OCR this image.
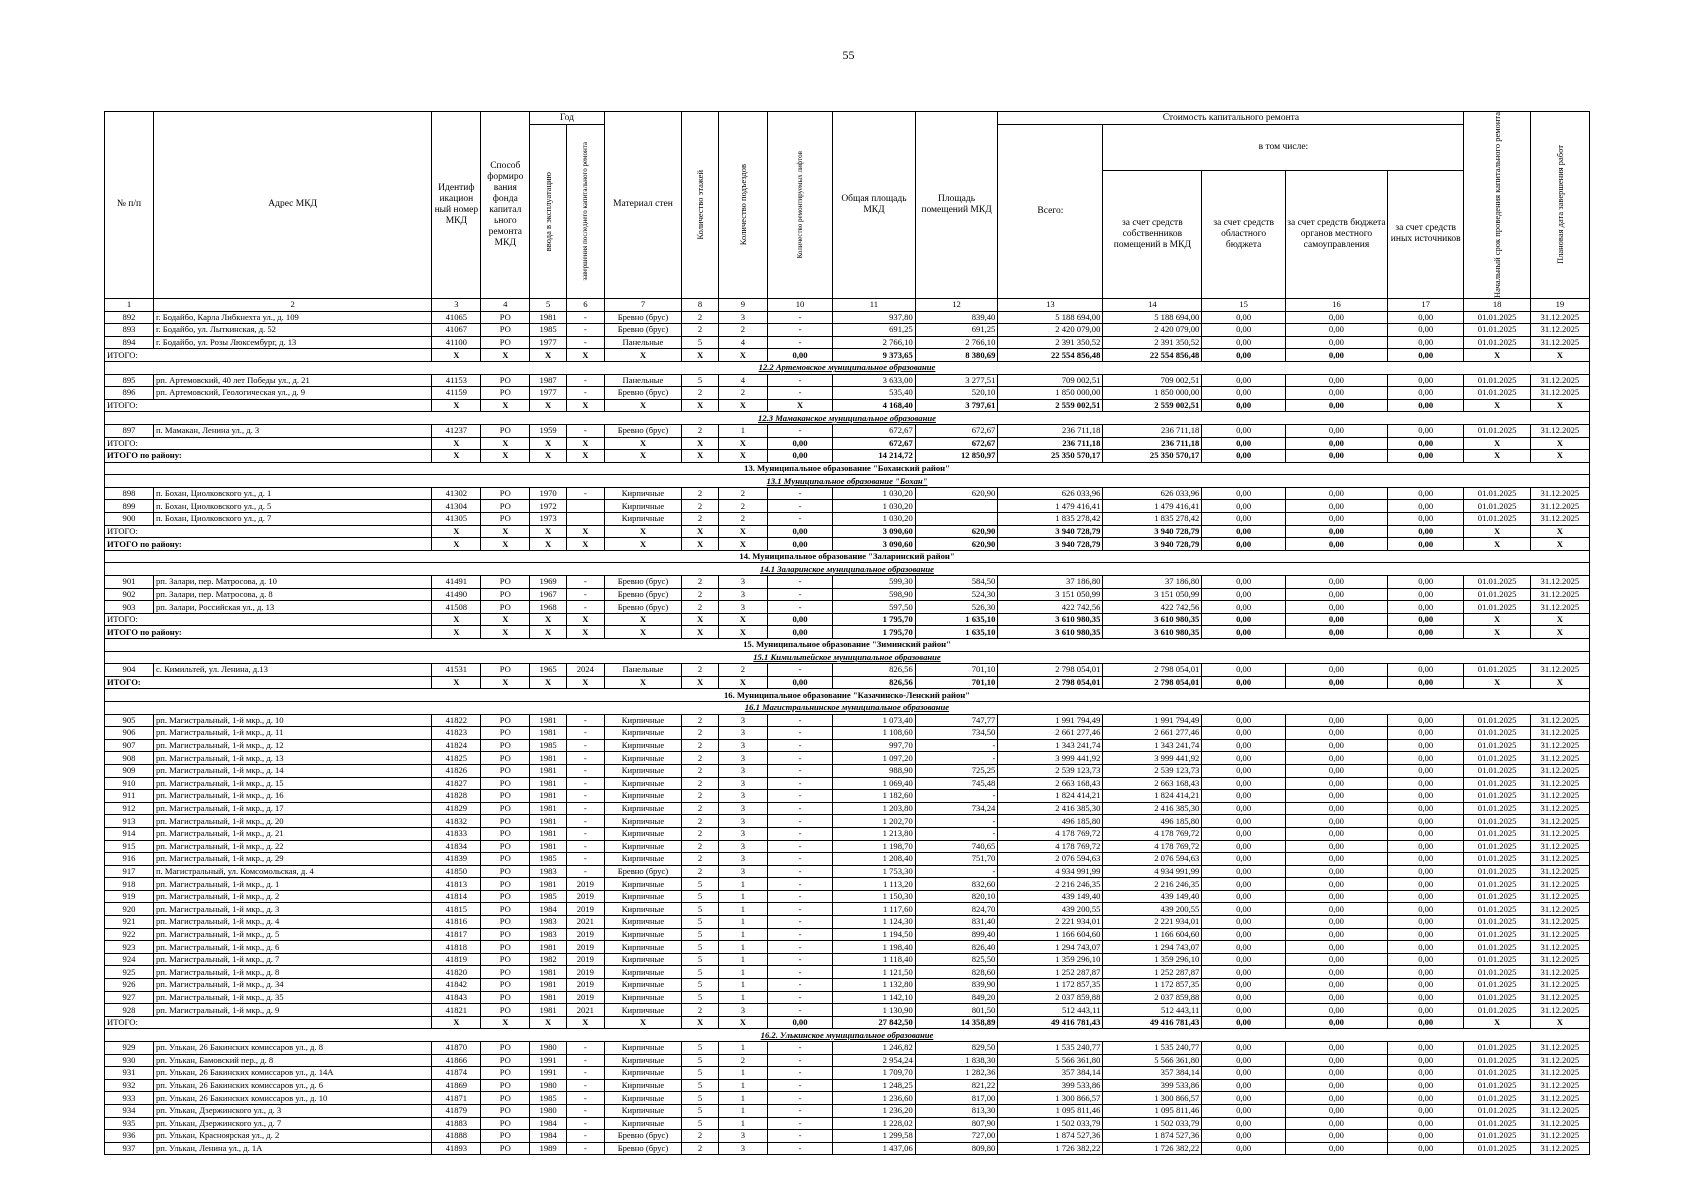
55
№ п/п	Адрес МКД	Идентиф икацион ный номер МКД	Способ формиро вания фонда капитал ьного ремонта МКД	Год		Материал стен	Количество этажей	Количество подъездов	Количество ремонтируемых лифтов	Общая площадь МКД	Площадь помещений МКД	Стоимость капитального ремонта					Начальный срок проведения капитального ремонта	Плановая дата завершения работ

				ввода в эксплуатацию	завершения последнего капитального ремонта							Всего:	в том числе:					
													за счет средств собственников помещений в МКД	за счет средств областного бюджета	за счет средств бюджета органов местного самоуправления	за счет средств иных источников		
1	2	3	4	5	6	7	8	9	10	11	12	13	14	15	16	17	18	19
892	г. Бодайбо, Карла Либкнехта ул., д. 109	41065	РО	1981	-	Бревно (брус)	2	3	-	937,80	839,40	5 188 694,00	5 188 694,00	0,00	0,00	0,00	01.01.2025	31.12.2025
893	г. Бодайбо, ул. Лыткинская, д. 52	41067	РО	1985	-	Бревно (брус)	2	2	-	691,25	691,25	2 420 079,00	2 420 079,00	0,00	0,00	0,00	01.01.2025	31.12.2025
894	г. Бодайбо, ул. Розы Люксембург, д. 13	41100	РО	1977	-	Панельные	5	4	-	2 766,10	2 766,10	2 391 350,52	2 391 350,52	0,00	0,00	0,00	01.01.2025	31.12.2025
ИТОГО:		X	X	X	X	X	X	X	0,00	9 373,65	8 380,69	22 554 856,48	22 554 856,48	0,00	0,00	0,00	X	X
12.2 Артемовское муниципальное образование																		
895	рп. Артемовский, 40 лет Победы ул., д. 21	41153	РО	1987	-	Панельные	5	4	-	3 633,00	3 277,51	709 002,51	709 002,51	0,00	0,00	0,00	01.01.2025	31.12.2025
896	рп. Артемовский, Геологическая ул., д. 9	41159	РО	1977	-	Бревно (брус)	2	2	-	535,40	520,10	1 850 000,00	1 850 000,00	0,00	0,00	0,00	01.01.2025	31.12.2025
ИТОГО:		X	X	X	X	X	X	X	X	4 168,40	3 797,61	2 559 002,51	2 559 002,51	0,00	0,00	0,00	X	X
12.3 Мамаканское муниципальное образование																		
897	п. Мамакан, Ленина ул., д. 3	41237	РО	1959	-	Бревно (брус)	2	1	-	672,67	672,67	236 711,18	236 711,18	0,00	0,00	0,00	01.01.2025	31.12.2025
ИТОГО:		X	X	X	X	X	X	X	0,00	672,67	672,67	236 711,18	236 711,18	0,00	0,00	0,00	X	X
ИТОГО по району:		X	X	X	X	X	X	X	0,00	14 214,72	12 850,97	25 350 570,17	25 350 570,17	0,00	0,00	0,00	X	X
13. Муниципальное образование "Боханский район"																		
13.1 Муниципальное образование "Бохан"																		
898	п. Бохан, Циолковского ул., д. 1	41302	РО	1970	-	Кирпичные	2	2	-	1 030,20	620,90	626 033,96	626 033,96	0,00	0,00	0,00	01.01.2025	31.12.2025
899	п. Бохан, Циолковского ул., д. 5	41304	РО	1972		Кирпичные	2	2	-	1 030,20		1 479 416,41	1 479 416,41	0,00	0,00	0,00	01.01.2025	31.12.2025
900	п. Бохан, Циолковского ул., д. 7	41305	РО	1973		Кирпичные	2	2	-	1 030,20		1 835 278,42	1 835 278,42	0,00	0,00	0,00	01.01.2025	31.12.2025
ИТОГО:		X	X	X	X	X	X	X	0,00	3 090,60	620,90	3 940 728,79	3 940 728,79	0,00	0,00	0,00	X	X
ИТОГО по району:		X	X	X	X	X	X	X	0,00	3 090,60	620,90	3 940 728,79	3 940 728,79	0,00	0,00	0,00	X	X
14. Муниципальное образование "Заларинский район"																		
14.1 Заларинское муниципальное образование																		
901	рп. Залари, пер. Матросова, д. 10	41491	РО	1969	-	Бревно (брус)	2	3	-	599,30	584,50	37 186,80	37 186,80	0,00	0,00	0,00	01.01.2025	31.12.2025
902	рп. Залари, пер. Матросова, д. 8	41490	РО	1967	-	Бревно (брус)	2	3	-	598,90	524,30	3 151 050,99	3 151 050,99	0,00	0,00	0,00	01.01.2025	31.12.2025
903	рп. Залари, Российская ул., д. 13	41508	РО	1968	-	Бревно (брус)	2	3	-	597,50	526,30	422 742,56	422 742,56	0,00	0,00	0,00	01.01.2025	31.12.2025
ИТОГО:		X	X	X	X	X	X	X	0,00	1 795,70	1 635,10	3 610 980,35	3 610 980,35	0,00	0,00	0,00	X	X
ИТОГО по району:		X	X	X	X	X	X	X	0,00	1 795,70	1 635,10	3 610 980,35	3 610 980,35	0,00	0,00	0,00	X	X
15. Муниципальное образование "Зиминский район"																		
15.1 Кимильтейское муниципальное образование																		
904	с. Кимильтей, ул. Ленина, д.13	41531	РО	1965	2024	Панельные	2	2	-	826,56	701,10	2 798 054,01	2 798 054,01	0,00	0,00	0,00	01.01.2025	31.12.2025
ИТОГО:		X	X	X	X	X	X	X	0,00	826,56	701,10	2 798 054,01	2 798 054,01	0,00	0,00	0,00	X	X
16. Муниципальное образование "Казачинско-Ленский район"																		
16.1 Магистральнинское муниципальное образование																		
905	рп. Магистральный, 1-й мкр., д. 10	41822	РО	1981	-	Кирпичные	2	3	-	1 073,40	747,77	1 991 794,49	1 991 794,49	0,00	0,00	0,00	01.01.2025	31.12.2025
906	рп. Магистральный, 1-й мкр., д. 11	41823	РО	1981	-	Кирпичные	2	3	-	1 108,60	734,50	2 661 277,46	2 661 277,46	0,00	0,00	0,00	01.01.2025	31.12.2025
907	рп. Магистральный, 1-й мкр., д. 12	41824	РО	1985	-	Кирпичные	2	3	-	997,70	-	1 343 241,74	1 343 241,74	0,00	0,00	0,00	01.01.2025	31.12.2025
908	рп. Магистральный, 1-й мкр., д. 13	41825	РО	1981	-	Кирпичные	2	3	-	1 097,20	-	3 999 441,92	3 999 441,92	0,00	0,00	0,00	01.01.2025	31.12.2025
909	рп. Магистральный, 1-й мкр., д. 14	41826	РО	1981	-	Кирпичные	2	3	-	988,90	725,25	2 539 123,73	2 539 123,73	0,00	0,00	0,00	01.01.2025	31.12.2025
910	рп. Магистральный, 1-й мкр., д. 15	41827	РО	1981	-	Кирпичные	2	3	-	1 069,40	745,48	2 663 168,43	2 663 168,43	0,00	0,00	0,00	01.01.2025	31.12.2025
911	рп. Магистральный, 1-й мкр., д. 16	41828	РО	1981	-	Кирпичные	2	3	-	1 182,60	-	1 824 414,21	1 824 414,21	0,00	0,00	0,00	01.01.2025	31.12.2025
912	рп. Магистральный, 1-й мкр., д. 17	41829	РО	1981	-	Кирпичные	2	3	-	1 203,80	734,24	2 416 385,30	2 416 385,30	0,00	0,00	0,00	01.01.2025	31.12.2025
913	рп. Магистральный, 1-й мкр., д. 20	41832	РО	1981	-	Кирпичные	2	3	-	1 202,70	-	496 185,80	496 185,80	0,00	0,00	0,00	01.01.2025	31.12.2025
914	рп. Магистральный, 1-й мкр., д. 21	41833	РО	1981	-	Кирпичные	2	3	-	1 213,80	-	4 178 769,72	4 178 769,72	0,00	0,00	0,00	01.01.2025	31.12.2025
915	рп. Магистральный, 1-й мкр., д. 22	41834	РО	1981	-	Кирпичные	2	3	-	1 198,70	740,65	4 178 769,72	4 178 769,72	0,00	0,00	0,00	01.01.2025	31.12.2025
916	рп. Магистральный, 1-й мкр., д. 29	41839	РО	1985	-	Кирпичные	2	3	-	1 208,40	751,70	2 076 594,63	2 076 594,63	0,00	0,00	0,00	01.01.2025	31.12.2025
917	п. Магистральный, ул. Комсомольская, д. 4	41850	РО	1983	-	Бревно (брус)	2	3	-	1 753,30	-	4 934 991,99	4 934 991,99	0,00	0,00	0,00	01.01.2025	31.12.2025
918	рп. Магистральный, 1-й мкр., д. 1	41813	РО	1981	2019	Кирпичные	5	1	-	1 113,20	832,60	2 216 246,35	2 216 246,35	0,00	0,00	0,00	01.01.2025	31.12.2025
919	рп. Магистральный, 1-й мкр., д. 2	41814	РО	1985	2019	Кирпичные	5	1	-	1 150,30	820,10	439 149,40	439 149,40	0,00	0,00	0,00	01.01.2025	31.12.2025
920	рп. Магистральный, 1-й мкр., д. 3	41815	РО	1984	2019	Кирпичные	5	1	-	1 117,60	824,70	439 200,55	439 200,55	0,00	0,00	0,00	01.01.2025	31.12.2025
921	рп. Магистральный, 1-й мкр., д. 4	41816	РО	1983	2021	Кирпичные	5	1	-	1 124,30	831,40	2 221 934,01	2 221 934,01	0,00	0,00	0,00	01.01.2025	31.12.2025
922	рп. Магистральный, 1-й мкр., д. 5	41817	РО	1983	2019	Кирпичные	5	1	-	1 194,50	899,40	1 166 604,60	1 166 604,60	0,00	0,00	0,00	01.01.2025	31.12.2025
923	рп. Магистральный, 1-й мкр., д. 6	41818	РО	1981	2019	Кирпичные	5	1	-	1 198,40	826,40	1 294 743,07	1 294 743,07	0,00	0,00	0,00	01.01.2025	31.12.2025
924	рп. Магистральный, 1-й мкр., д. 7	41819	РО	1982	2019	Кирпичные	5	1	-	1 118,40	825,50	1 359 296,10	1 359 296,10	0,00	0,00	0,00	01.01.2025	31.12.2025
925	рп. Магистральный, 1-й мкр., д. 8	41820	РО	1981	2019	Кирпичные	5	1	-	1 121,50	828,60	1 252 287,87	1 252 287,87	0,00	0,00	0,00	01.01.2025	31.12.2025
926	рп. Магистральный, 1-й мкр., д. 34	41842	РО	1981	2019	Кирпичные	5	1	-	1 132,80	839,90	1 172 857,35	1 172 857,35	0,00	0,00	0,00	01.01.2025	31.12.2025
927	рп. Магистральный, 1-й мкр., д. 35	41843	РО	1981	2019	Кирпичные	5	1	-	1 142,10	849,20	2 037 859,88	2 037 859,88	0,00	0,00	0,00	01.01.2025	31.12.2025
928	рп. Магистральный, 1-й мкр., д. 9	41821	РО	1981	2021	Кирпичные	2	3	-	1 130,90	801,50	512 443,11	512 443,11	0,00	0,00	0,00	01.01.2025	31.12.2025
ИТОГО:		X	X	X	X	X	X	X	0,00	27 842,50	14 358,89	49 416 781,43	49 416 781,43	0,00	0,00	0,00	X	X
16.2. Улькинское муниципальное образование																		
929	рп. Улькан, 26 Бакинских комиссаров ул., д. 8	41870	РО	1980	-	Кирпичные	5	1	-	1 246,82	829,50	1 535 240,77	1 535 240,77	0,00	0,00	0,00	01.01.2025	31.12.2025
930	рп. Улькан, Бамовский пер., д. 8	41866	РО	1991	-	Кирпичные	5	2	-	2 954,24	1 838,30	5 566 361,80	5 566 361,80	0,00	0,00	0,00	01.01.2025	31.12.2025
931	рп. Улькан, 26 Бакинских комиссаров ул., д. 14А	41874	РО	1991	-	Кирпичные	5	1	-	1 709,70	1 282,36	357 384,14	357 384,14	0,00	0,00	0,00	01.01.2025	31.12.2025
932	рп. Улькан, 26 Бакинских комиссаров ул., д. 6	41869	РО	1980	-	Кирпичные	5	1	-	1 248,25	821,22	399 533,86	399 533,86	0,00	0,00	0,00	01.01.2025	31.12.2025
933	рп. Улькан, 26 Бакинских комиссаров ул., д. 10	41871	РО	1985	-	Кирпичные	5	1	-	1 236,60	817,00	1 300 866,57	1 300 866,57	0,00	0,00	0,00	01.01.2025	31.12.2025
934	рп. Улькан, Дзержинского ул., д. 3	41879	РО	1980	-	Кирпичные	5	1	-	1 236,20	813,30	1 095 811,46	1 095 811,46	0,00	0,00	0,00	01.01.2025	31.12.2025
935	рп. Улькан, Дзержинского ул., д. 7	41883	РО	1984	-	Кирпичные	5	1	-	1 228,02	807,90	1 502 033,79	1 502 033,79	0,00	0,00	0,00	01.01.2025	31.12.2025
936	рп. Улькан, Красноярская ул., д. 2	41888	РО	1984	-	Бревно (брус)	2	3	-	1 299,58	727,00	1 874 527,36	1 874 527,36	0,00	0,00	0,00	01.01.2025	31.12.2025
937	рп. Улькан, Ленина ул., д. 1А	41893	РО	1989	-	Бревно (брус)	2	3	-	1 437,06	809,80	1 726 382,22	1 726 382,22	0,00	0,00	0,00	01.01.2025	31.12.2025
